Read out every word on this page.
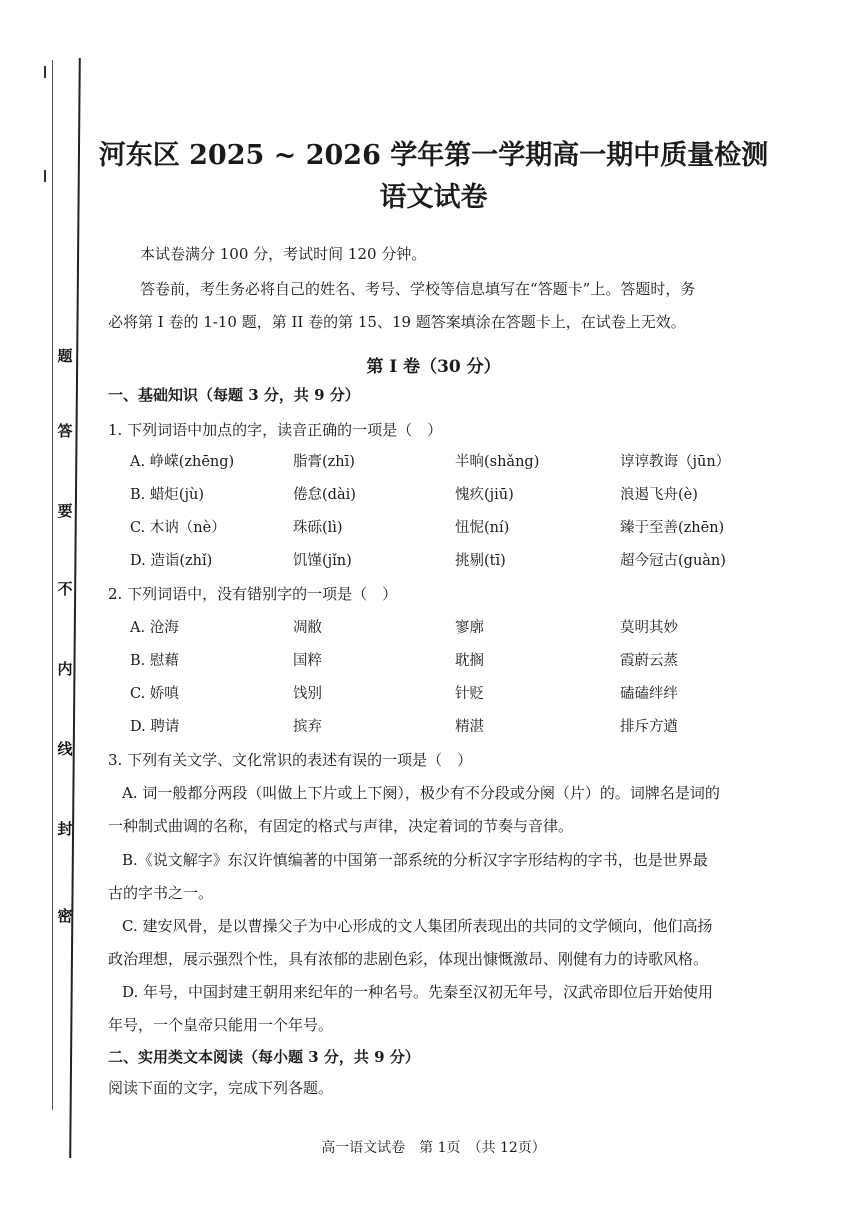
题
答
要
不
内
线
封
密
河东区 2025 ~ 2026 学年第一学期高一期中质量检测
语文试卷
本试卷满分 100 分，考试时间 120 分钟。
答卷前，考生务必将自己的姓名、考号、学校等信息填写在“答题卡”上。答题时，务
必将第 I 卷的 1-10 题，第 II 卷的第 15、19 题答案填涂在答题卡上，在试卷上无效。
第 I 卷（30 分）
一、基础知识（每题 3 分，共 9 分）
1. 下列词语中加点的字，读音正确的一项是（　）
A. 峥嵘(zhēng)	脂膏(zhī)	半晌(shǎng)	谆谆教诲（jūn）
B. 蜡炬(jù)	倦怠(dài)	愧疚(jiū)	浪遏飞舟(è)
C. 木讷（nè）	珠砾(lì)	忸怩(ní)	臻于至善(zhēn)
D. 造诣(zhǐ)	饥馑(jǐn)	挑剔(tī)	超今冠古(guàn)
2. 下列词语中，没有错别字的一项是（　）
A. 沧海	凋敝	寥廓	莫明其妙
B. 慰藉	国粹	耽搁	霞蔚云蒸
C. 娇嗔	饯别	针贬	磕磕绊绊
D. 聘请	摈弃	精湛	排斥方遒
3. 下列有关文学、文化常识的表述有误的一项是（　）
A. 词一般都分两段（叫做上下片或上下阕），极少有不分段或分阕（片）的。词牌名是词的
一种制式曲调的名称，有固定的格式与声律，决定着词的节奏与音律。
B.《说文解字》东汉许慎编著的中国第一部系统的分析汉字字形结构的字书，也是世界最
古的字书之一。
C. 建安风骨，是以曹操父子为中心形成的文人集团所表现出的共同的文学倾向，他们高扬
政治理想，展示强烈个性，具有浓郁的悲剧色彩，体现出慷慨激昂、刚健有力的诗歌风格。
D. 年号，中国封建王朝用来纪年的一种名号。先秦至汉初无年号，汉武帝即位后开始使用
年号，一个皇帝只能用一个年号。
二、实用类文本阅读（每小题 3 分，共 9 分）
阅读下面的文字，完成下列各题。
高一语文试卷　第 1页　（共 12页）
